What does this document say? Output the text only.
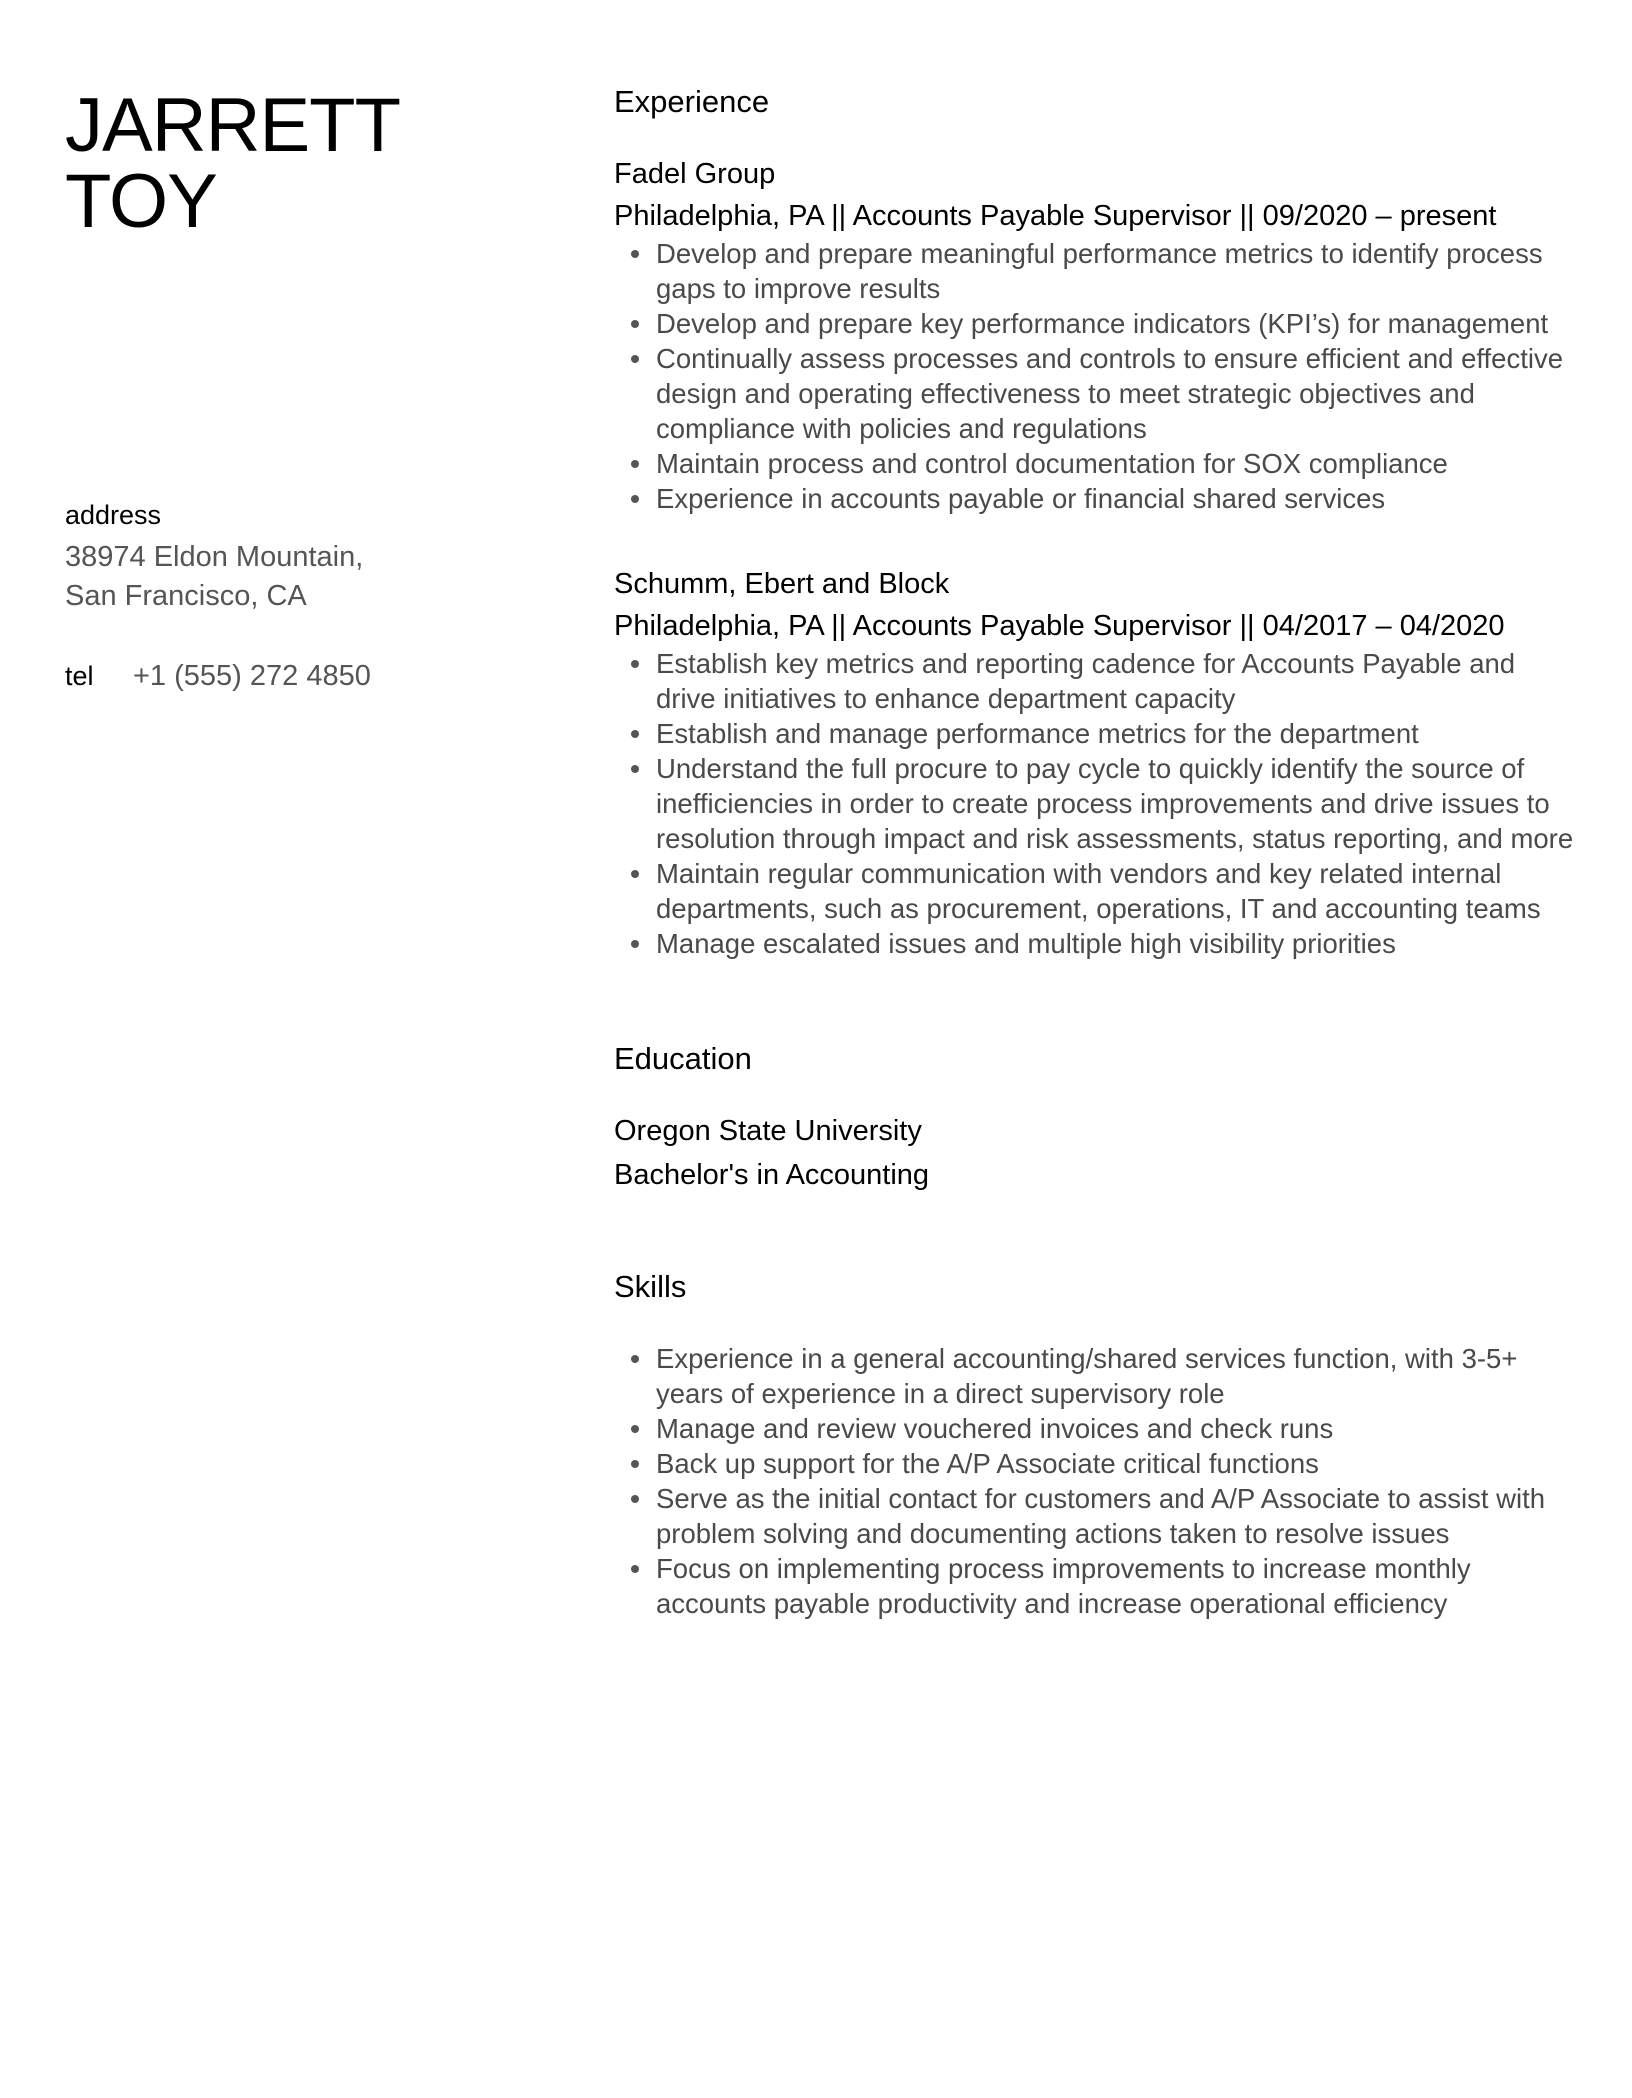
JARRETT
TOY
address
38974 Eldon Mountain,
San Francisco, CA
tel	+1 (555) 272 4850
Experience

Fadel Group

Philadelphia, PA || Accounts Payable Supervisor || 09/2020 – present

Develop and prepare meaningful performance metrics to identify process gaps to improve results
Develop and prepare key performance indicators (KPI’s) for management
Continually assess processes and controls to ensure efficient and effective design and operating effectiveness to meet strategic objectives and compliance with policies and regulations
Maintain process and control documentation for SOX compliance
Experience in accounts payable or financial shared services

Schumm, Ebert and Block

Philadelphia, PA || Accounts Payable Supervisor || 04/2017 – 04/2020

Establish key metrics and reporting cadence for Accounts Payable and drive initiatives to enhance department capacity
Establish and manage performance metrics for the department
Understand the full procure to pay cycle to quickly identify the source of inefficiencies in order to create process improvements and drive issues to resolution through impact and risk assessments, status reporting, and more
Maintain regular communication with vendors and key related internal departments, such as procurement, operations, IT and accounting teams
Manage escalated issues and multiple high visibility priorities
Education

Oregon State University

Bachelor's in Accounting

Skills
Experience in a general accounting/shared services function, with 3-5+ years of experience in a direct supervisory role
Manage and review vouchered invoices and check runs
Back up support for the A/P Associate critical functions
Serve as the initial contact for customers and A/P Associate to assist with problem solving and documenting actions taken to resolve issues
Focus on implementing process improvements to increase monthly accounts payable productivity and increase operational efficiency
